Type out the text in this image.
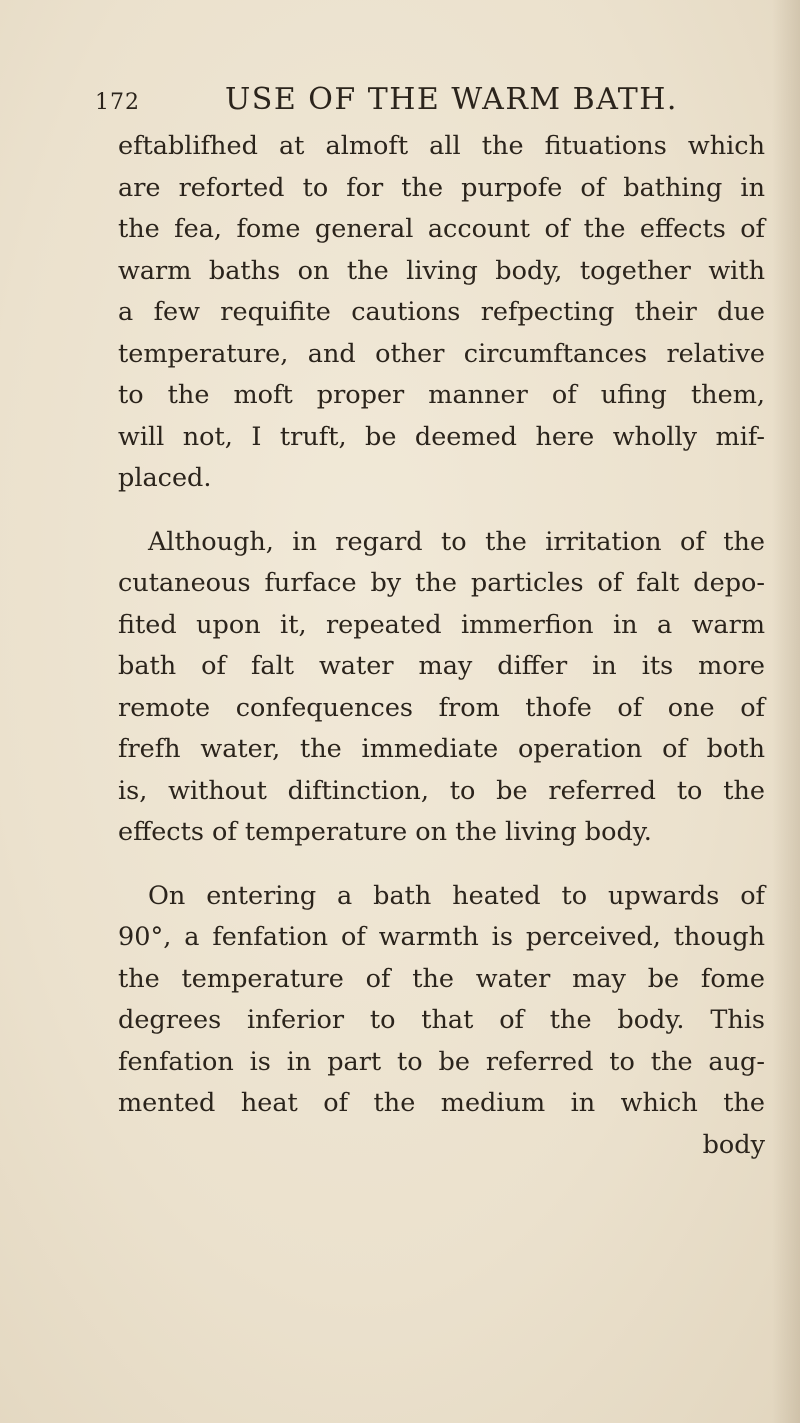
172	USE OF THE WARM BATH.
eftablifhed at almoft all the fituations which
are reforted to for the purpofe of bathing in
the fea, fome general account of the effects of
warm baths on the living body, together with
a few requifite cautions refpecting their due
temperature, and other circumftances relative
to the moft proper manner of ufing them,
will not, I truft, be deemed here wholly mif-
placed.
Although, in regard to the irritation of the
cutaneous furface by the particles of falt depo-
fited upon it, repeated immerfion in a warm
bath of falt water may differ in its more
remote confequences from thofe of one of
frefh water, the immediate operation of both
is, without diftinction, to be referred to the
effects of temperature on the living body.
On entering a bath heated to upwards of
90°, a fenfation of warmth is perceived, though
the temperature of the water may be fome
degrees inferior to that of the body. This
fenfation is in part to be referred to the aug-
mented heat of the medium in which the
body
